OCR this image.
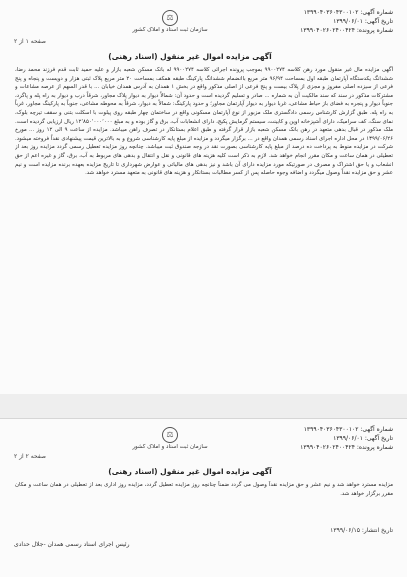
شماره آگهی: ۱۳۹۹۰۴۰۳۶۰۴۳۰۰۱۰۲
تاریخ آگهی: ۱۳۹۹/۰۶/۰۱
شماره پرونده: ۱۳۹۹۰۴۰۲۶۰۲۴۰۰۴۲۴
⚖
سازمان ثبت اسناد و املاک کشور
صفحه ۱ از ۲
آگهی مزایده اموال غیر منقول (اسناد رهنی)
آگهی مزایده مال غیر منقول مورد رهن کلاسه ۹۹۰۰۲۷۴ بموجب پرونده اجرائی کلاسه ۹۹۰۰۲۷۴ له بانک مسکن شعبه بازار و علیه حمید ثابت قدم فرزند محمد رضا، ششدانگ یکدستگاه آپارتمان طبقه اول بمساحت ۹۶/۹۴ متر مربع باانضمام ششدانگ پارکینگ طبقه همکف بمساحت ۲۰ متر مربع پلاک ثبتی هزار و دویست و پنجاه و پنج فرعی از سیزده اصلی مفروز و مجزی از پلاک بیست و پنج فرعی از اصلی مذکور واقع در بخش ۱ همدان به آدرس همدان خیابان ... با قدر السهم از عرصه مشاعات و مشترکات مذکور در سند که سند مالکیت آن به شماره ... صادر و تسلیم گردیده است و حدود آن: شمالاً دیوار به دیوار پلاک مجاور، شرقاً درب و دیوار به راه پله و پاگرد، جنوباً دیوار و پنجره به فضای باز حیاط مشاعی، غربا دیوار به دیوار آپارتمان مجاور؛ و حدود پارکینگ: شمالاً به دیوار، شرقاً به محوطه مشاعی، جنوباً به پارکینگ مجاور، غرباً به راه پله. طبق گزارش کارشناس رسمی دادگستری ملک مزبور از نوع آپارتمان مسکونی واقع در ساختمان چهار طبقه روی پیلوت با اسکلت بتنی و سقف تیرچه بلوک، نمای سنگ، کف سرامیک، دارای آشپزخانه اوپن و کابینت، سیستم گرمایش پکیج، دارای انشعابات آب، برق و گاز بوده و به مبلغ ۱۲٬۸۵۰٬۰۰۰٬۰۰۰ ریال ارزیابی گردیده است. ملک مذکور در قبال بدهی متعهد در رهن بانک مسکن شعبه بازار قرار گرفته و طبق اعلام بستانکار در تصرف راهن میباشد. مزایده از ساعت ۹ الی ۱۲ روز ... مورخ ۱۳۹۹/۰۶/۲۶ در محل اداره اجرای اسناد رسمی همدان واقع در ... برگزار میگردد و مزایده از مبلغ پایه کارشناسی شروع و به بالاترین قیمت پیشنهادی نقداً فروخته میشود. شرکت در مزایده منوط به پرداخت ده درصد از مبلغ پایه کارشناسی بصورت نقد در وجه صندوق ثبت میباشد. چنانچه روز مزایده تعطیل رسمی گردد مزایده روز بعد از تعطیلی در همان ساعت و مکان مقرر انجام خواهد شد. لازم به ذکر است کلیه هزینه های قانونی و نقل و انتقال و بدهی های مربوط به آب، برق، گاز و غیره اعم از حق انشعاب و یا حق اشتراک و مصرف در صورتیکه مورد مزایده دارای آن باشد و نیز بدهی های مالیاتی و عوارض شهرداری تا تاریخ مزایده بعهده برنده مزایده است و نیم عشر و حق مزایده نقداً وصول میگردد و اضافه وجوه حاصله پس از کسر مطالبات بستانکار و هزینه های قانونی به متعهد مسترد خواهد شد.
شماره آگهی: ۱۳۹۹۰۴۰۳۶۰۴۳۰۰۱۰۲
تاریخ آگهی: ۱۳۹۹/۰۶/۰۱
شماره پرونده: ۱۳۹۹۰۴۰۲۶۰۲۴۰۰۴۲۴
⚖
سازمان ثبت اسناد و املاک کشور
صفحه ۲ از ۲
آگهی مزایده اموال غیر منقول (اسناد رهنی)
مزایده مسترد خواهد شد و نیم عشر و حق مزایده نقداً وصول می گردد ضمناً چنانچه روز مزایده تعطیل گردد، مزایده روز اداری بعد از تعطیلی در همان ساعت و مکان مقرر برگزار خواهد شد.
تاریخ انتشار: ۱۳۹۹/۰۶/۱۵
رئیس اجرای اسناد رسمی همدان -جلال حدادی
